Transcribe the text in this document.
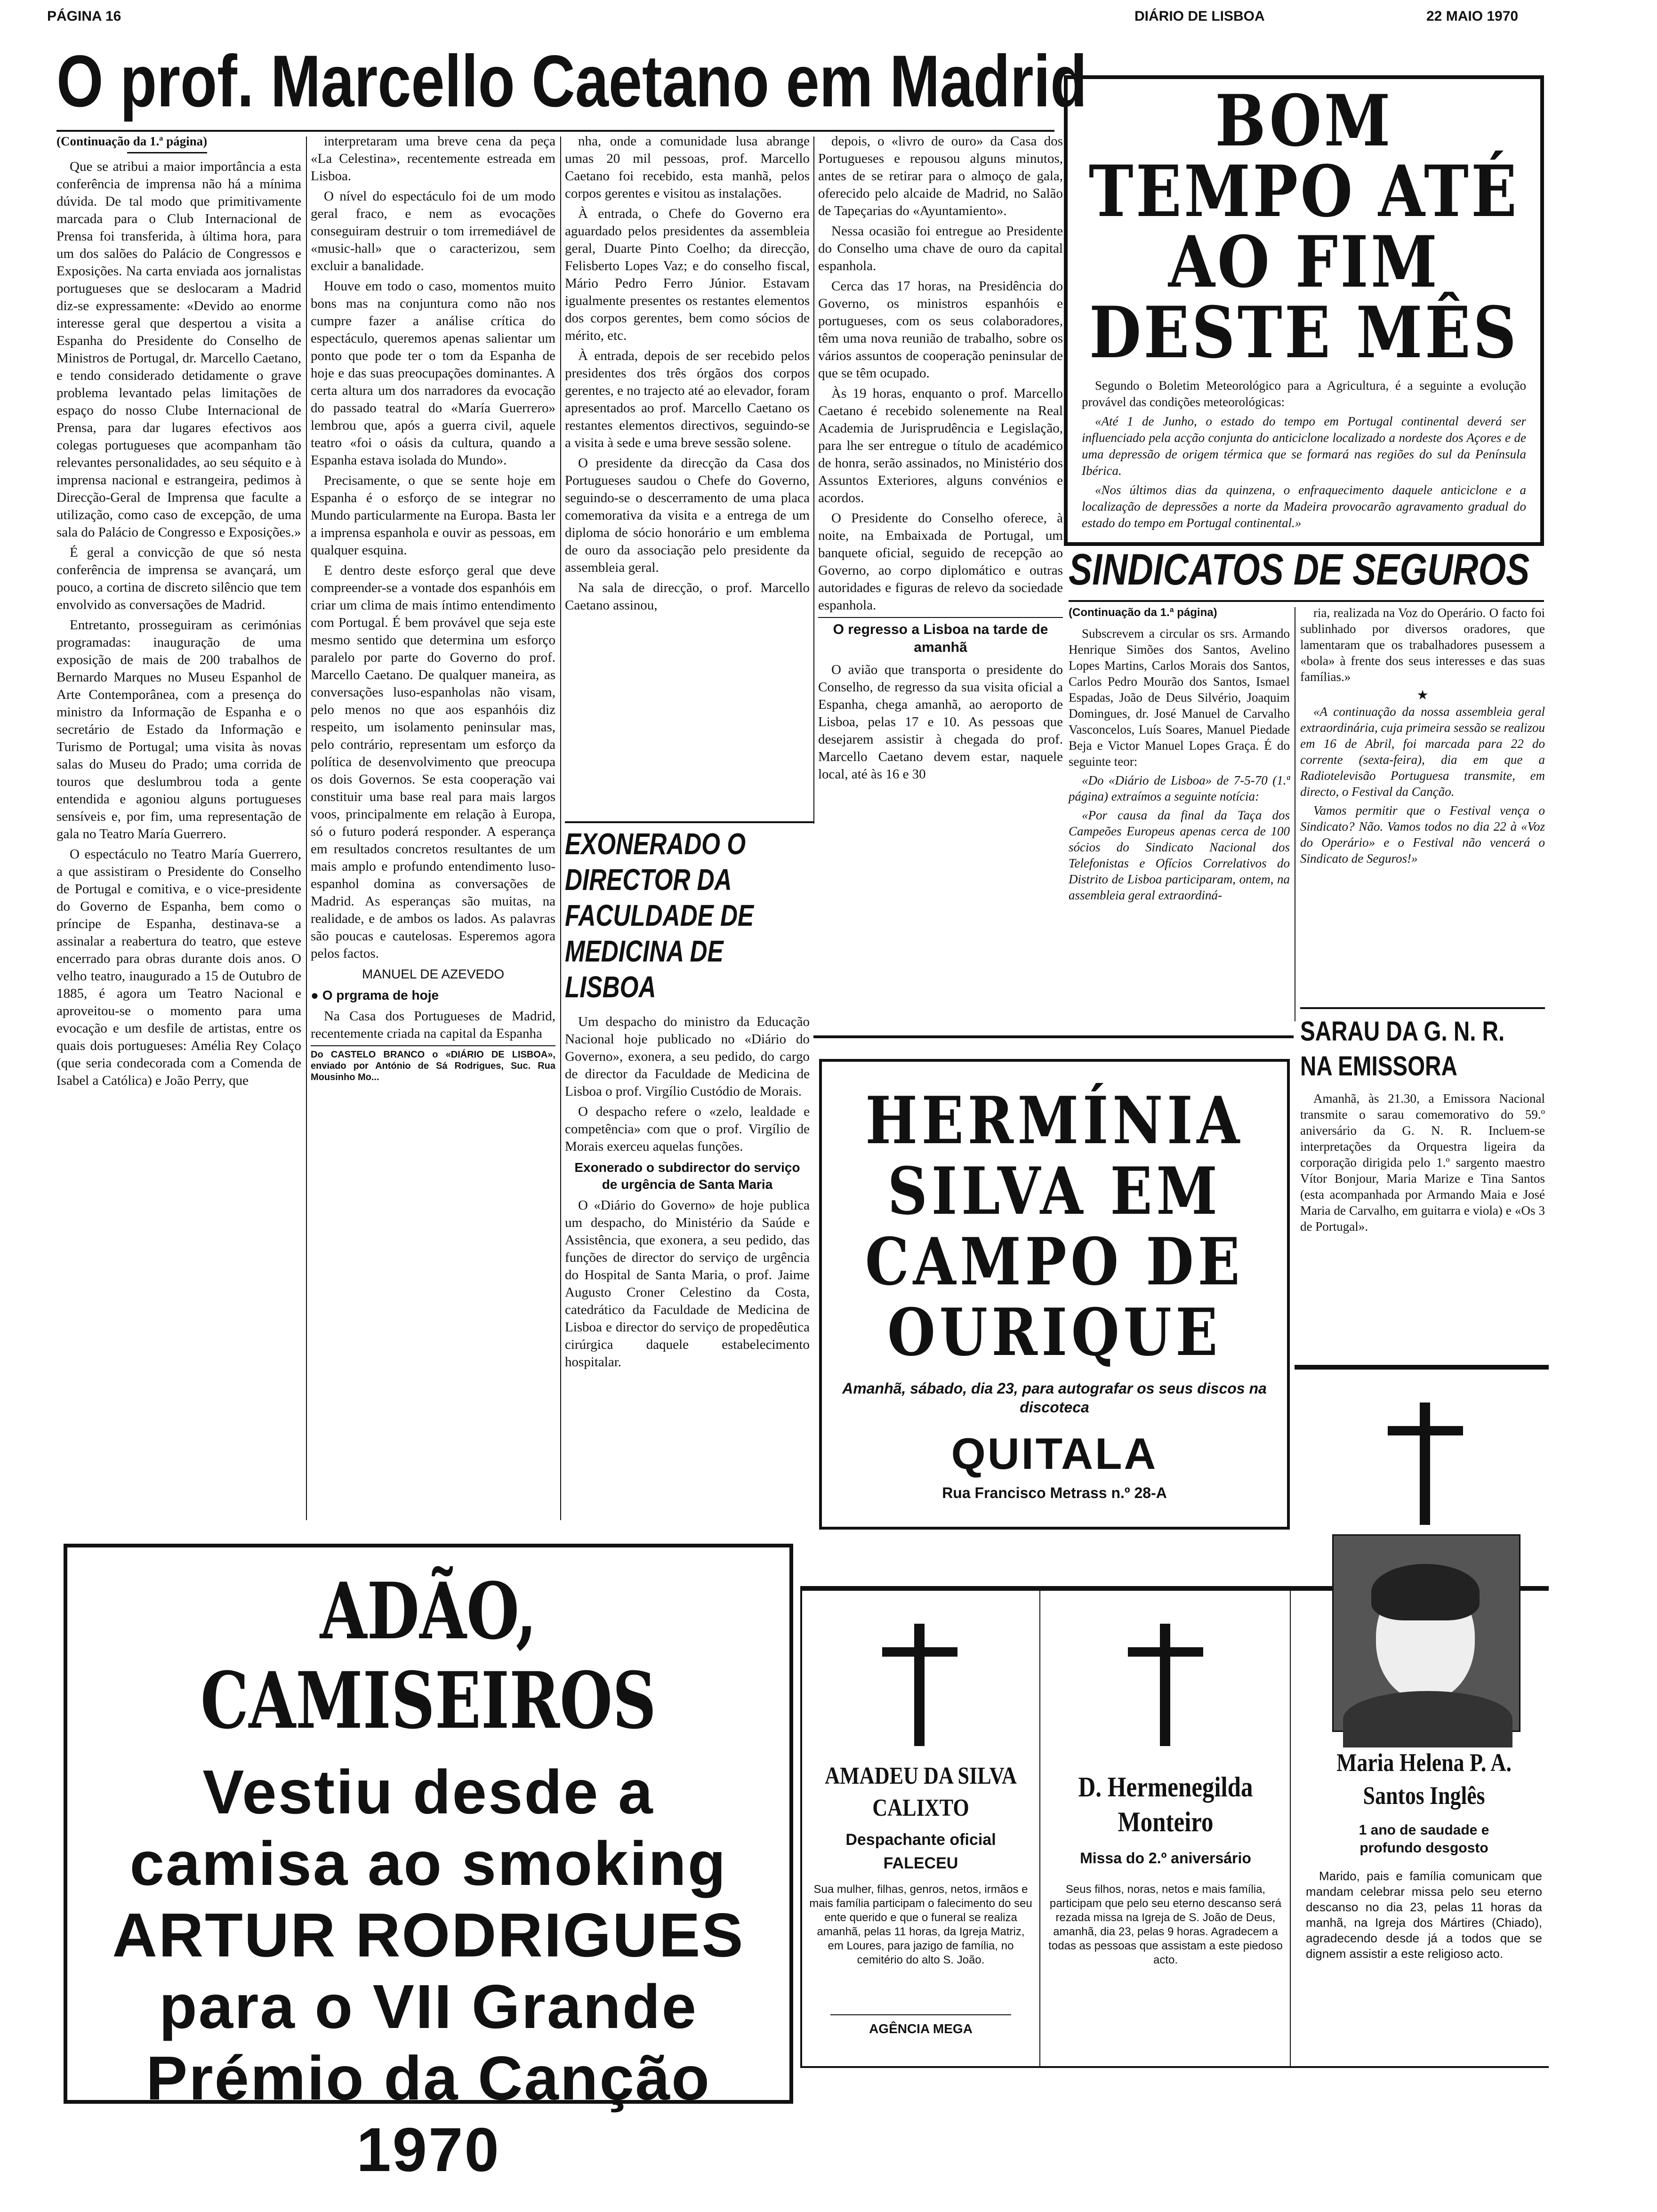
PÁGINA 16	DIÁRIO DE LISBOA	22 MAIO 1970
O prof. Marcello Caetano em Madrid
(Continuação da 1.ª página)

Que se atribui a maior importância a esta conferência de imprensa não há a mínima dúvida. De tal modo que primitivamente marcada para o Club Internacional de Prensa foi transferida, à última hora, para um dos salões do Palácio de Congressos e Exposições. Na carta enviada aos jornalistas portugueses que se deslocaram a Madrid diz-se expressamente: «Devido ao enorme interesse geral que despertou a visita a Espanha do Presidente do Conselho de Ministros de Portugal, dr. Marcello Caetano, e tendo considerado detidamente o grave problema levantado pelas limitações de espaço do nosso Clube Internacional de Prensa, para dar lugares efectivos aos colegas portugueses que acompanham tão relevantes personalidades, ao seu séquito e à imprensa nacional e estrangeira, pedimos à Direcção-Geral de Imprensa que faculte a utilização, como caso de excepção, de uma sala do Palácio de Congresso e Exposições.»

É geral a convicção de que só nesta conferência de imprensa se avançará, um pouco, a cortina de discreto silêncio que tem envolvido as conversações de Madrid.

Entretanto, prosseguiram as cerimónias programadas: inauguração de uma exposição de mais de 200 trabalhos de Bernardo Marques no Museu Espanhol de Arte Contemporânea, com a presença do ministro da Informação de Espanha e o secretário de Estado da Informação e Turismo de Portugal; uma visita às novas salas do Museu do Prado; uma corrida de touros que deslumbrou toda a gente entendida e agoniou alguns portugueses sensíveis e, por fim, uma representação de gala no Teatro María Guerrero.

O espectáculo no Teatro María Guerrero, a que assistiram o Presidente do Conselho de Portugal e comitiva, e o vice-presidente do Governo de Espanha, bem como o príncipe de Espanha, destinava-se a assinalar a reabertura do teatro, que esteve encerrado para obras durante dois anos. O velho teatro, inaugurado a 15 de Outubro de 1885, é agora um Teatro Nacional e aproveitou-se o momento para uma evocação e um desfile de artistas, entre os quais dois portugueses: Amélia Rey Colaço (que seria condecorada com a Comenda de Isabel a Católica) e João Perry, que

interpretaram uma breve cena da peça «La Celestina», recentemente estreada em Lisboa.

O nível do espectáculo foi de um modo geral fraco, e nem as evocações conseguiram destruir o tom irremediável de «music-hall» que o caracterizou, sem excluir a banalidade.

Houve em todo o caso, momentos muito bons mas na conjuntura como não nos cumpre fazer a análise crítica do espectáculo, queremos apenas salientar um ponto que pode ter o tom da Espanha de hoje e das suas preocupações dominantes. A certa altura um dos narradores da evocação do passado teatral do «María Guerrero» lembrou que, após a guerra civil, aquele teatro «foi o oásis da cultura, quando a Espanha estava isolada do Mundo».

Precisamente, o que se sente hoje em Espanha é o esforço de se integrar no Mundo particularmente na Europa. Basta ler a imprensa espanhola e ouvir as pessoas, em qualquer esquina.

E dentro deste esforço geral que deve compreender-se a vontade dos espanhóis em criar um clima de mais íntimo entendimento com Portugal. É bem provável que seja este mesmo sentido que determina um esforço paralelo por parte do Governo do prof. Marcello Caetano. De qualquer maneira, as conversações luso-espanholas não visam, pelo menos no que aos espanhóis diz respeito, um isolamento peninsular mas, pelo contrário, representam um esforço da política de desenvolvimento que preocupa os dois Governos. Se esta cooperação vai constituir uma base real para mais largos voos, principalmente em relação à Europa, só o futuro poderá responder. A esperança em resultados concretos resultantes de um mais amplo e profundo entendimento luso-espanhol domina as conversações de Madrid. As esperanças são muitas, na realidade, e de ambos os lados. As palavras são poucas e cautelosas. Esperemos agora pelos factos.

MANUEL DE AZEVEDO
● O prgrama de hoje

Na Casa dos Portugueses de Madrid, recentemente criada na capital da Espanha

Do CASTELO BRANCO o «DIÁRIO DE LISBOA», enviado por António de Sá Rodrigues, Suc. Rua Mousinho Mo...

nha, onde a comunidade lusa abrange umas 20 mil pessoas, prof. Marcello Caetano foi recebido, esta manhã, pelos corpos gerentes e visitou as instalações.

À entrada, o Chefe do Governo era aguardado pelos presidentes da assembleia geral, Duarte Pinto Coelho; da direcção, Felisberto Lopes Vaz; e do conselho fiscal, Mário Pedro Ferro Júnior. Estavam igualmente presentes os restantes elementos dos corpos gerentes, bem como sócios de mérito, etc.

À entrada, depois de ser recebido pelos presidentes dos três órgãos dos corpos gerentes, e no trajecto até ao elevador, foram apresentados ao prof. Marcello Caetano os restantes elementos directivos, seguindo-se a visita à sede e uma breve sessão solene.

O presidente da direcção da Casa dos Portugueses saudou o Chefe do Governo, seguindo-se o descerramento de uma placa comemorativa da visita e a entrega de um diploma de sócio honorário e um emblema de ouro da associação pelo presidente da assembleia geral.

Na sala de direcção, o prof. Marcello Caetano assinou,

depois, o «livro de ouro» da Casa dos Portugueses e repousou alguns minutos, antes de se retirar para o almoço de gala, oferecido pelo alcaide de Madrid, no Salão de Tapeçarias do «Ayuntamiento».

Nessa ocasião foi entregue ao Presidente do Conselho uma chave de ouro da capital espanhola.

Cerca das 17 horas, na Presidência do Governo, os ministros espanhóis e portugueses, com os seus colaboradores, têm uma nova reunião de trabalho, sobre os vários assuntos de cooperação peninsular de que se têm ocupado.

Às 19 horas, enquanto o prof. Marcello Caetano é recebido solenemente na Real Academia de Jurisprudência e Legislação, para lhe ser entregue o título de académico de honra, serão assinados, no Ministério dos Assuntos Exteriores, alguns convénios e acordos.

O Presidente do Conselho oferece, à noite, na Embaixada de Portugal, um banquete oficial, seguido de recepção ao Governo, ao corpo diplomático e outras autoridades e figuras de relevo da sociedade espanhola.

O regresso a Lisboa na tarde de amanhã

O avião que transporta o presidente do Conselho, de regresso da sua visita oficial a Espanha, chega amanhã, ao aeroporto de Lisboa, pelas 17 e 10. As pessoas que desejarem assistir à chegada do prof. Marcello Caetano devem estar, naquele local, até às 16 e 30

BOM TEMPO ATÉ AO FIM DESTE MÊS

Segundo o Boletim Meteorológico para a Agricultura, é a seguinte a evolução provável das condições meteorológicas:

«Até 1 de Junho, o estado do tempo em Portugal continental deverá ser influenciado pela acção conjunta do anticiclone localizado a nordeste dos Açores e de uma depressão de origem térmica que se formará nas regiões do sul da Península Ibérica.

«Nos últimos dias da quinzena, o enfraquecimento daquele anticiclone e a localização de depressões a norte da Madeira provocarão agravamento gradual do estado do tempo em Portugal continental.»

SINDICATOS DE SEGUROS
(Continuação da 1.ª página)

Subscrevem a circular os srs. Armando Henrique Simões dos Santos, Avelino Lopes Martins, Carlos Morais dos Santos, Carlos Pedro Mourão dos Santos, Ismael Espadas, João de Deus Silvério, Joaquim Domingues, dr. José Manuel de Carvalho Vasconcelos, Luís Soares, Manuel Piedade Beja e Victor Manuel Lopes Graça. É do seguinte teor:

«Do «Diário de Lisboa» de 7-5-70 (1.ª página) extraímos a seguinte notícia:

«Por causa da final da Taça dos Campeões Europeus apenas cerca de 100 sócios do Sindicato Nacional dos Telefonistas e Ofícios Correlativos do Distrito de Lisboa participaram, ontem, na assembleia geral extraordiná-

ria, realizada na Voz do Operário. O facto foi sublinhado por diversos oradores, que lamentaram que os trabalhadores pusessem a «bola» à frente dos seus interesses e das suas famílias.»

★

«A continuação da nossa assembleia geral extraordinária, cuja primeira sessão se realizou em 16 de Abril, foi marcada para 22 do corrente (sexta-feira), dia em que a Radiotelevisão Portuguesa transmite, em directo, o Festival da Canção.

Vamos permitir que o Festival vença o Sindicato? Não. Vamos todos no dia 22 à «Voz do Operário» e o Festival não vencerá o Sindicato de Seguros!»

SARAU DA G. N. R. NA EMISSORA
Amanhã, às 21.30, a Emissora Nacional transmite o sarau comemorativo do 59.º aniversário da G. N. R. Incluem-se interpretações da Orquestra ligeira da corporação dirigida pelo 1.º sargento maestro Vítor Bonjour, Maria Marize e Tina Santos (esta acompanhada por Armando Maia e José Maria de Carvalho, em guitarra e viola) e «Os 3 de Portugal».
EXONERADO O DIRECTOR DA FACULDADE DE MEDICINA DE LISBOA

Um despacho do ministro da Educação Nacional hoje publicado no «Diário do Governo», exonera, a seu pedido, do cargo de director da Faculdade de Medicina de Lisboa o prof. Virgílio Custódio de Morais.

O despacho refere o «zelo, lealdade e competência» com que o prof. Virgílio de Morais exerceu aquelas funções.

Exonerado o subdirector do serviço de urgência de Santa Maria

O «Diário do Governo» de hoje publica um despacho, do Ministério da Saúde e Assistência, que exonera, a seu pedido, das funções de director do serviço de urgência do Hospital de Santa Maria, o prof. Jaime Augusto Croner Celestino da Costa, catedrático da Faculdade de Medicina de Lisboa e director do serviço de propedêutica cirúrgica daquele estabelecimento hospitalar.

HERMÍNIA SILVA EM CAMPO DE OURIQUE
Amanhã, sábado, dia 23, para autografar os seus discos na discoteca
QUITALA
Rua Francisco Metrass n.º 28-A
ADÃO, CAMISEIROS
Vestiu desde a camisa ao smoking ARTUR RODRIGUES para o VII Grande Prémio da Canção 1970
AMADEU DA SILVA CALIXTO
Despachante oficial
FALECEU
Sua mulher, filhas, genros, netos, irmãos e mais família participam o falecimento do seu ente querido e que o funeral se realiza amanhã, pelas 11 horas, da Igreja Matriz, em Loures, para jazigo de família, no cemitério do alto S. João.
AGÊNCIA MEGA
D. Hermenegilda Monteiro
Missa do 2.º aniversário
Seus filhos, noras, netos e mais família, participam que pelo seu eterno descanso será rezada missa na Igreja de S. João de Deus, amanhã, dia 23, pelas 9 horas. Agradecem a todas as pessoas que assistam a este piedoso acto.
Maria Helena P. A. Santos Inglês
1 ano de saudade e profundo desgosto
Marido, pais e família comunicam que mandam celebrar missa pelo seu eterno descanso no dia 23, pelas 11 horas da manhã, na Igreja dos Mártires (Chiado), agradecendo desde já a todos que se dignem assistir a este religioso acto.
